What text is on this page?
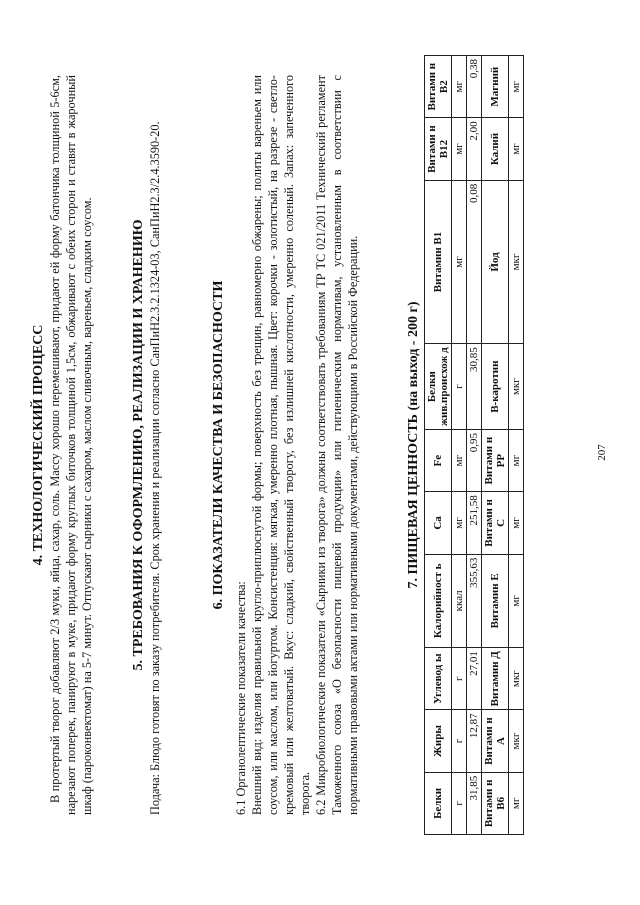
4. ТЕХНОЛОГИЧЕСКИЙ ПРОЦЕСС В протертый творог добавляют 2/3 муки, яйца, сахар, соль. Массу хорошо перемешивают, придают ей форму батончика толщиной 5-6см, нарезают поперек, панируют в муке, придают форму круглых биточков толщиной 1,5см, обжаривают с обеих сторон и ставят в жарочный шкаф (пароконвектомат) на 5-7 минут. Отпускают сырники с сахаром, маслом сливочным, вареньем, сладким соусом.	5. ТРЕБОВАНИЯ К ОФОРМЛЕНИЮ, РЕАЛИЗАЦИИ И ХРАНЕНИЮ Подача: Блюдо готовят по заказу потребителя. Срок хранения и реализации согласно СанПиН2.3.2.1324-03, СанПиН2.3/2.4.3590-20.	6. ПОКАЗАТЕЛИ КАЧЕСТВА И БЕЗОПАСНОСТИ

6.1 Органолептические показатели качества: Внешний вид: изделия правильной кругло-приплюснутой формы; поверхность без трещин, равномерно обжарены; политы вареньем или соусом, или маслом, или йогуртом. Консистенция: мягкая, умеренно плотная, пышная. Цвет: корочки - золотистый, на разрезе - светло-кремовый или желтоватый. Вкус: сладкий, свойственный творогу, без излишней кислотности, умеренно соленый. Запах: запеченного творога. 6.2 Микробиологические показатели «Сырники из творога» должны соответствовать требованиям ТР ТС 021/2011 Технический регламент Таможенного союза «О безопасности пищевой продукции» или гигиеническим нормативам, установленным в соответствии с нормативными правовыми актами или нормативными документами, действующими в Российской Федерации.	7. ПИЩЕВАЯ ЦЕННОСТЬ (на выход - 200 г)

Белки	Жиры	Углевод ы	Калорийност ь	Ca	Fe	Белки жив.происхож д	Витамин В1	Витами н В12	Витами н В2
г	г	г	ккал	мг	мг	г	мг	мг	мг
31,85	12,87	27,01	355,63	251,58	0,95	30,85	0,08	2,00	0,38
Витами н В6	Витами н А	Витамин Д	Витамин Е	Витами н С	Витами н РР	В-каротин	Йод	Калий	Магний
мг	мкг	мкг	мг	мг	мг	мкг	мкг	мг	мг
207
